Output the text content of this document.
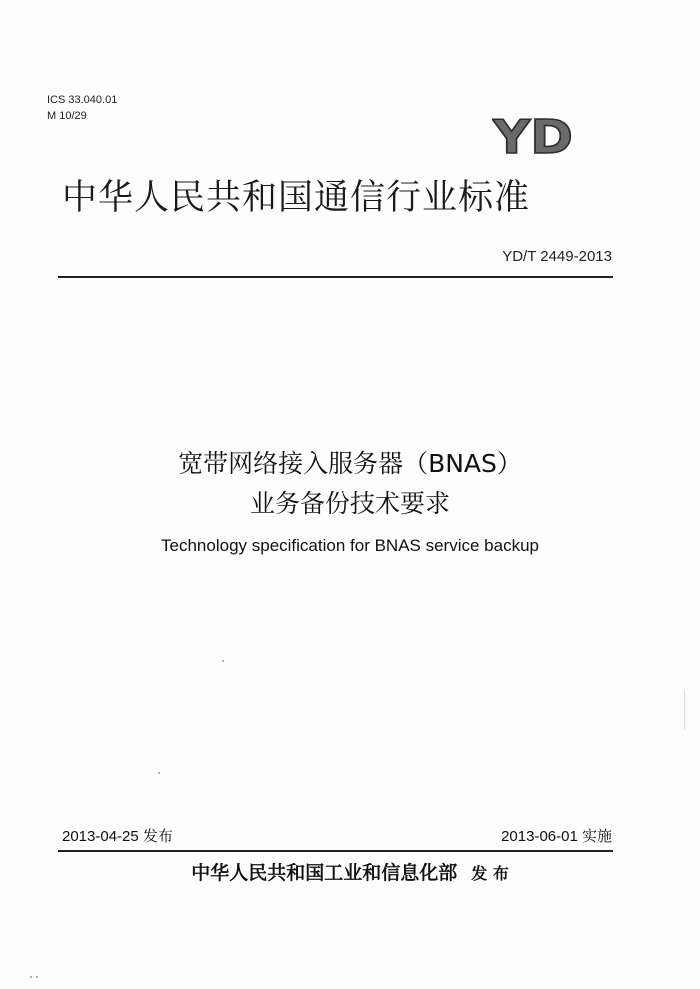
ICS 33.040.01
M 10/29	YD
中华人民共和国通信行业标准
YD/T 2449-2013
宽带网络接入服务器（BNAS）
业务备份技术要求
Technology specification for BNAS service backup
2013-04-25 发布	2013-06-01 实施
中华人民共和国工业和信息化部 发 布
